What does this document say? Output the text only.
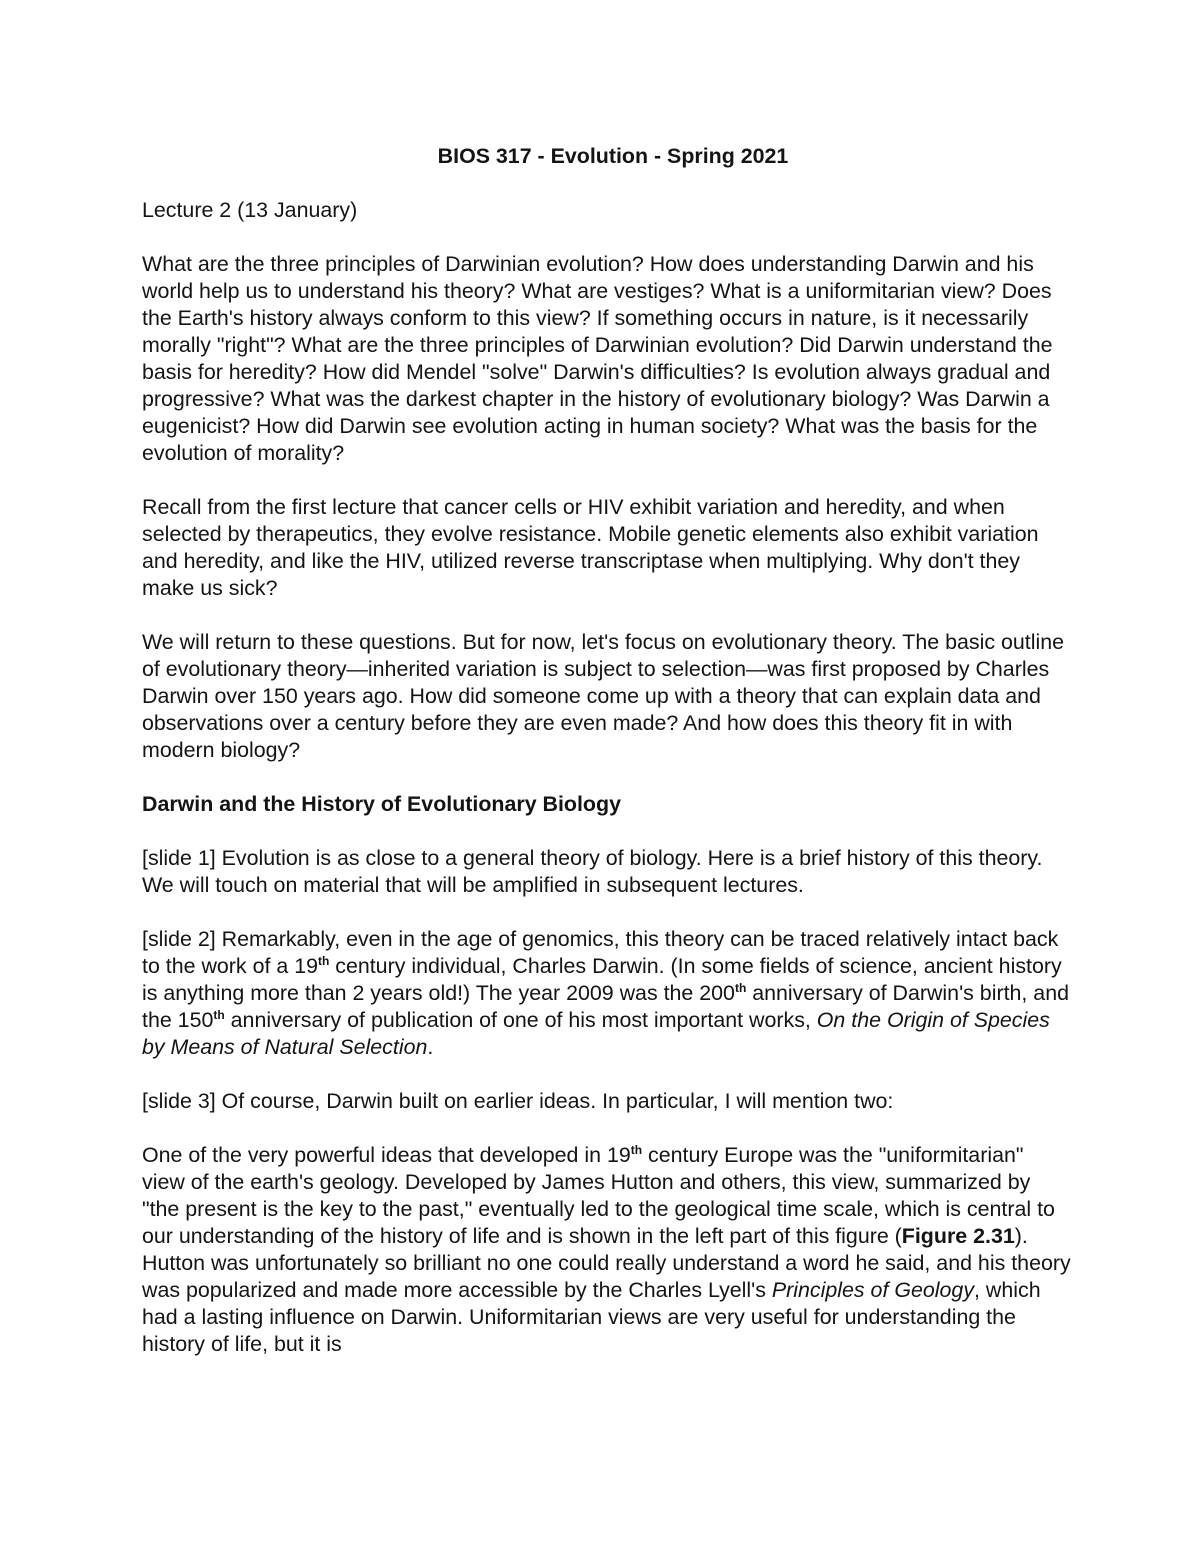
BIOS 317 - Evolution - Spring 2021
Lecture 2 (13 January)

What are the three principles of Darwinian evolution? How does understanding Darwin and his world help us to understand his theory? What are vestiges? What is a uniformitarian view? Does the Earth's history always conform to this view? If something occurs in nature, is it necessarily morally "right"? What are the three principles of Darwinian evolution? Did Darwin understand the basis for heredity? How did Mendel "solve" Darwin's difficulties? Is evolution always gradual and progressive? What was the darkest chapter in the history of evolutionary biology? Was Darwin a eugenicist? How did Darwin see evolution acting in human society? What was the basis for the evolution of morality?

Recall from the first lecture that cancer cells or HIV exhibit variation and heredity, and when selected by therapeutics, they evolve resistance. Mobile genetic elements also exhibit variation and heredity, and like the HIV, utilized reverse transcriptase when multiplying. Why don't they make us sick?

We will return to these questions. But for now, let's focus on evolutionary theory. The basic outline of evolutionary theory—inherited variation is subject to selection—was first proposed by Charles Darwin over 150 years ago. How did someone come up with a theory that can explain data and observations over a century before they are even made? And how does this theory fit in with modern biology?

Darwin and the History of Evolutionary Biology

[slide 1] Evolution is as close to a general theory of biology. Here is a brief history of this theory. We will touch on material that will be amplified in subsequent lectures.

[slide 2] Remarkably, even in the age of genomics, this theory can be traced relatively intact back to the work of a 19th century individual, Charles Darwin. (In some fields of science, ancient history is anything more than 2 years old!) The year 2009 was the 200th anniversary of Darwin's birth, and the 150th anniversary of publication of one of his most important works, On the Origin of Species by Means of Natural Selection.

[slide 3] Of course, Darwin built on earlier ideas. In particular, I will mention two:

One of the very powerful ideas that developed in 19th century Europe was the "uniformitarian" view of the earth's geology. Developed by James Hutton and others, this view, summarized by "the present is the key to the past," eventually led to the geological time scale, which is central to our understanding of the history of life and is shown in the left part of this figure (Figure 2.31). Hutton was unfortunately so brilliant no one could really understand a word he said, and his theory was popularized and made more accessible by the Charles Lyell's Principles of Geology, which had a lasting influence on Darwin. Uniformitarian views are very useful for understanding the history of life, but it is
